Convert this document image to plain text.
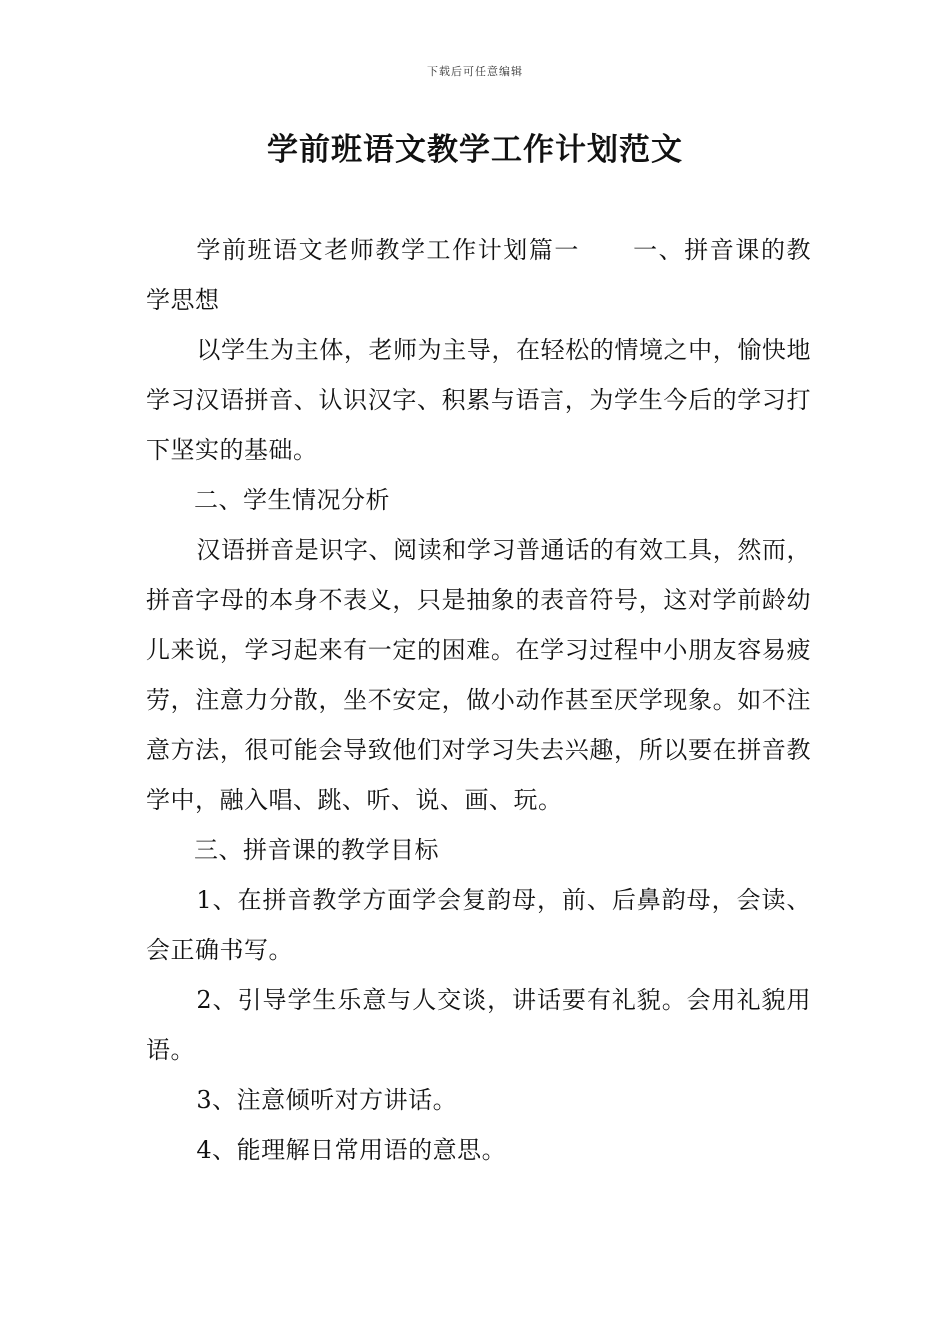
下载后可任意编辑
学前班语文教学工作计划范文

学前班语文老师教学工作计划篇一 一、拼音课的教学思想

以学生为主体，老师为主导，在轻松的情境之中，愉快地学习汉语拼音、认识汉字、积累与语言，为学生今后的学习打下坚实的基础。

二、学生情况分析

汉语拼音是识字、阅读和学习普通话的有效工具，然而，拼音字母的本身不表义，只是抽象的表音符号，这对学前龄幼儿来说，学习起来有一定的困难。在学习过程中小朋友容易疲劳，注意力分散，坐不安定，做小动作甚至厌学现象。如不注意方法，很可能会导致他们对学习失去兴趣，所以要在拼音教学中，融入唱、跳、听、说、画、玩。

三、拼音课的教学目标

1、在拼音教学方面学会复韵母，前、后鼻韵母，会读、会正确书写。

2、引导学生乐意与人交谈，讲话要有礼貌。会用礼貌用语。

3、注意倾听对方讲话。

4、能理解日常用语的意思。
